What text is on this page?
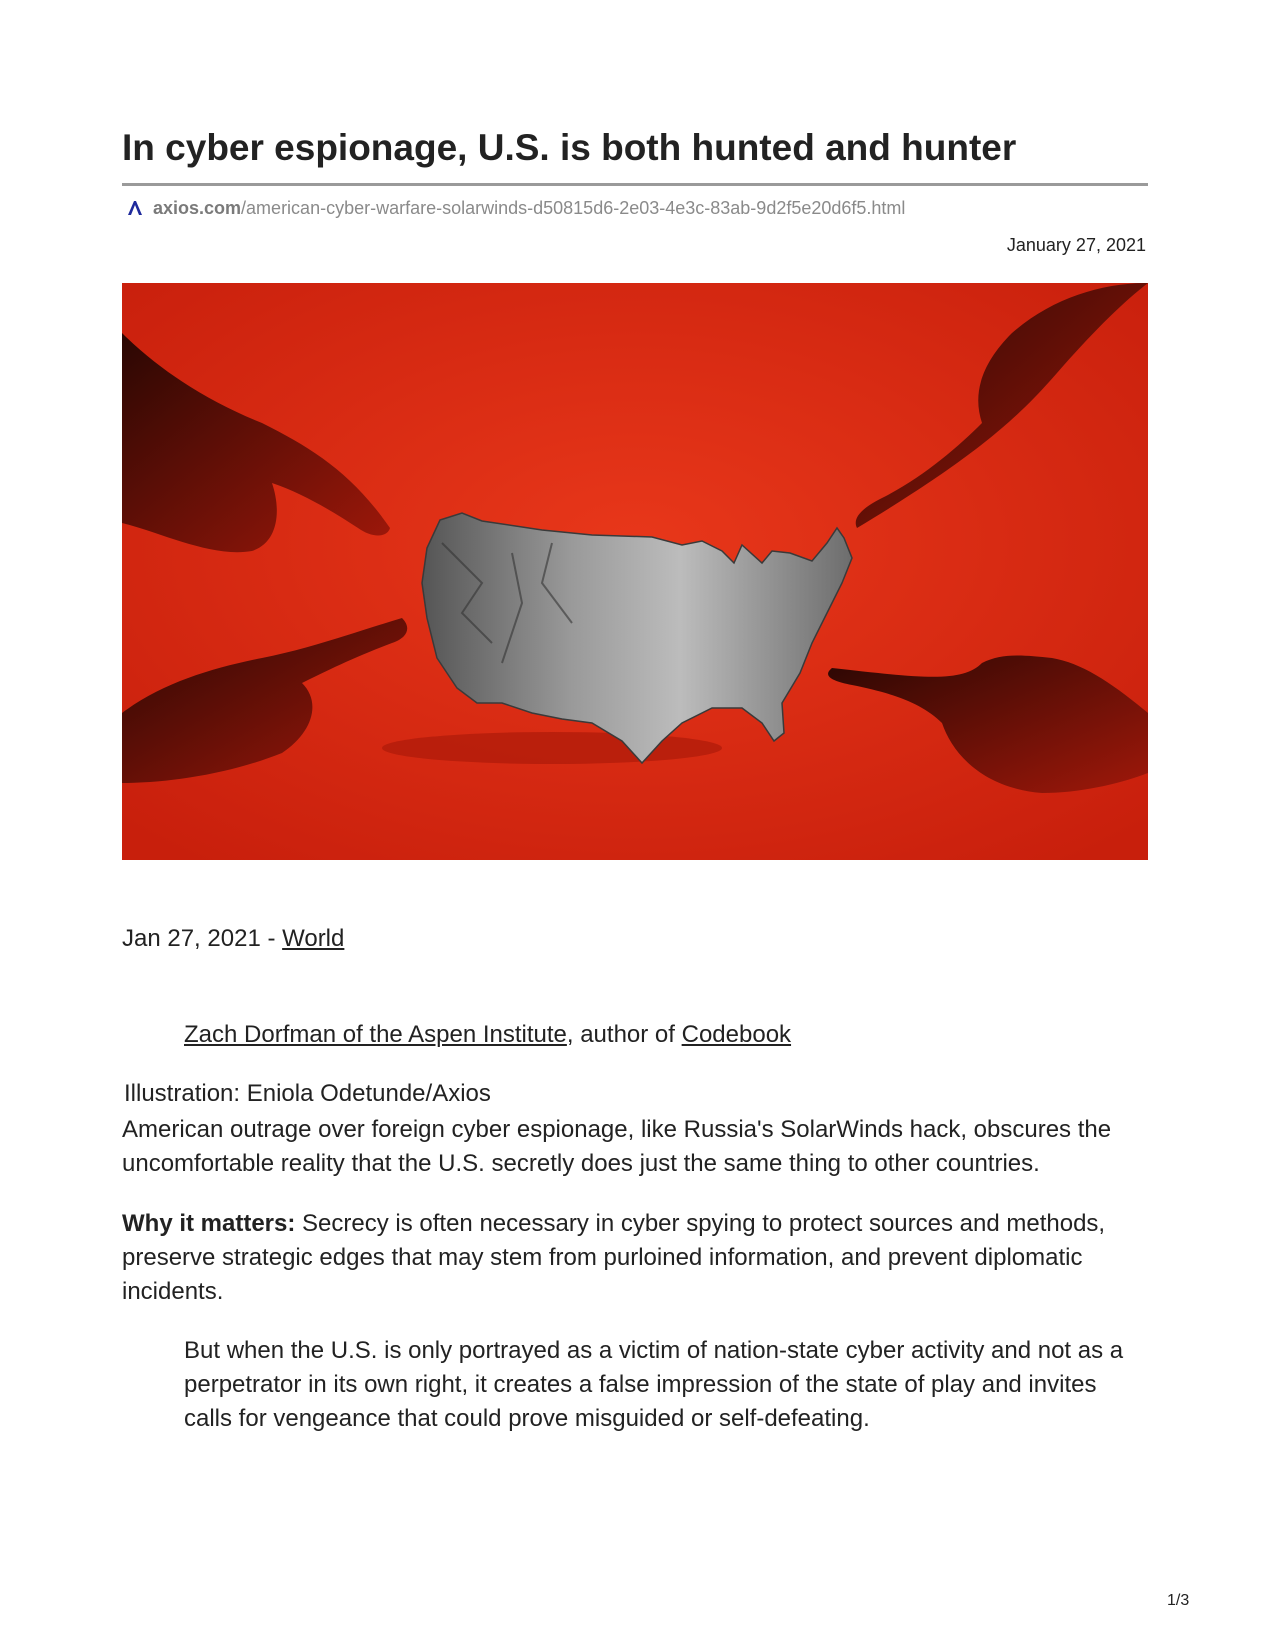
In cyber espionage, U.S. is both hunted and hunter
axios.com /american-cyber-warfare-solarwinds-d50815d6-2e03-4e3c-83ab-9d2f5e20d6f5.html
January 27, 2021
Jan 27, 2021 - World
Zach Dorfman of the Aspen Institute, author of Codebook
Illustration: Eniola Odetunde/Axios

American outrage over foreign cyber espionage, like Russia's SolarWinds hack, obscures the uncomfortable reality that the U.S. secretly does just the same thing to other countries.

Why it matters: Secrecy is often necessary in cyber spying to protect sources and methods, preserve strategic edges that may stem from purloined information, and prevent diplomatic incidents.

But when the U.S. is only portrayed as a victim of nation-state cyber activity and not as a perpetrator in its own right, it creates a false impression of the state of play and invites calls for vengeance that could prove misguided or self-defeating.

1/3
